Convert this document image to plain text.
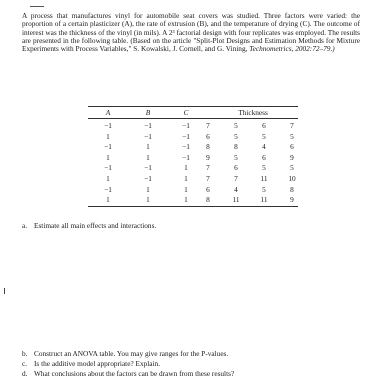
A process that manufactures vinyl for automobile seat covers was studied. Three factors were varied: the proportion of a certain plasticizer (A), the rate of extrusion (B), and the temperature of drying (C). The outcome of interest was the thickness of the vinyl (in mils). A 2³ factorial design with four replicates was employed. The results are presented in the following table. (Based on the article "Split-Plot Designs and Estimation Methods for Mixture Experiments with Process Variables," S. Kowalski, J. Cornell, and G. Vining, Technometrics, 2002:72–79.)
A	B	C	Thickness
−1	−1	−1	7	5	6	7
1	−1	−1	6	5	5	5
−1	1	−1	8	8	4	6
1	1	−1	9	5	6	9
−1	−1	1	7	6	5	5
1	−1	1	7	7	11	10
−1	1	1	6	4	5	8
1	1	1	8	11	11	9
a. Estimate all main effects and interactions.
b. Construct an ANOVA table. You may give ranges for the P-values.
c. Is the additive model appropriate? Explain.
d. What conclusions about the factors can be drawn from these results?
